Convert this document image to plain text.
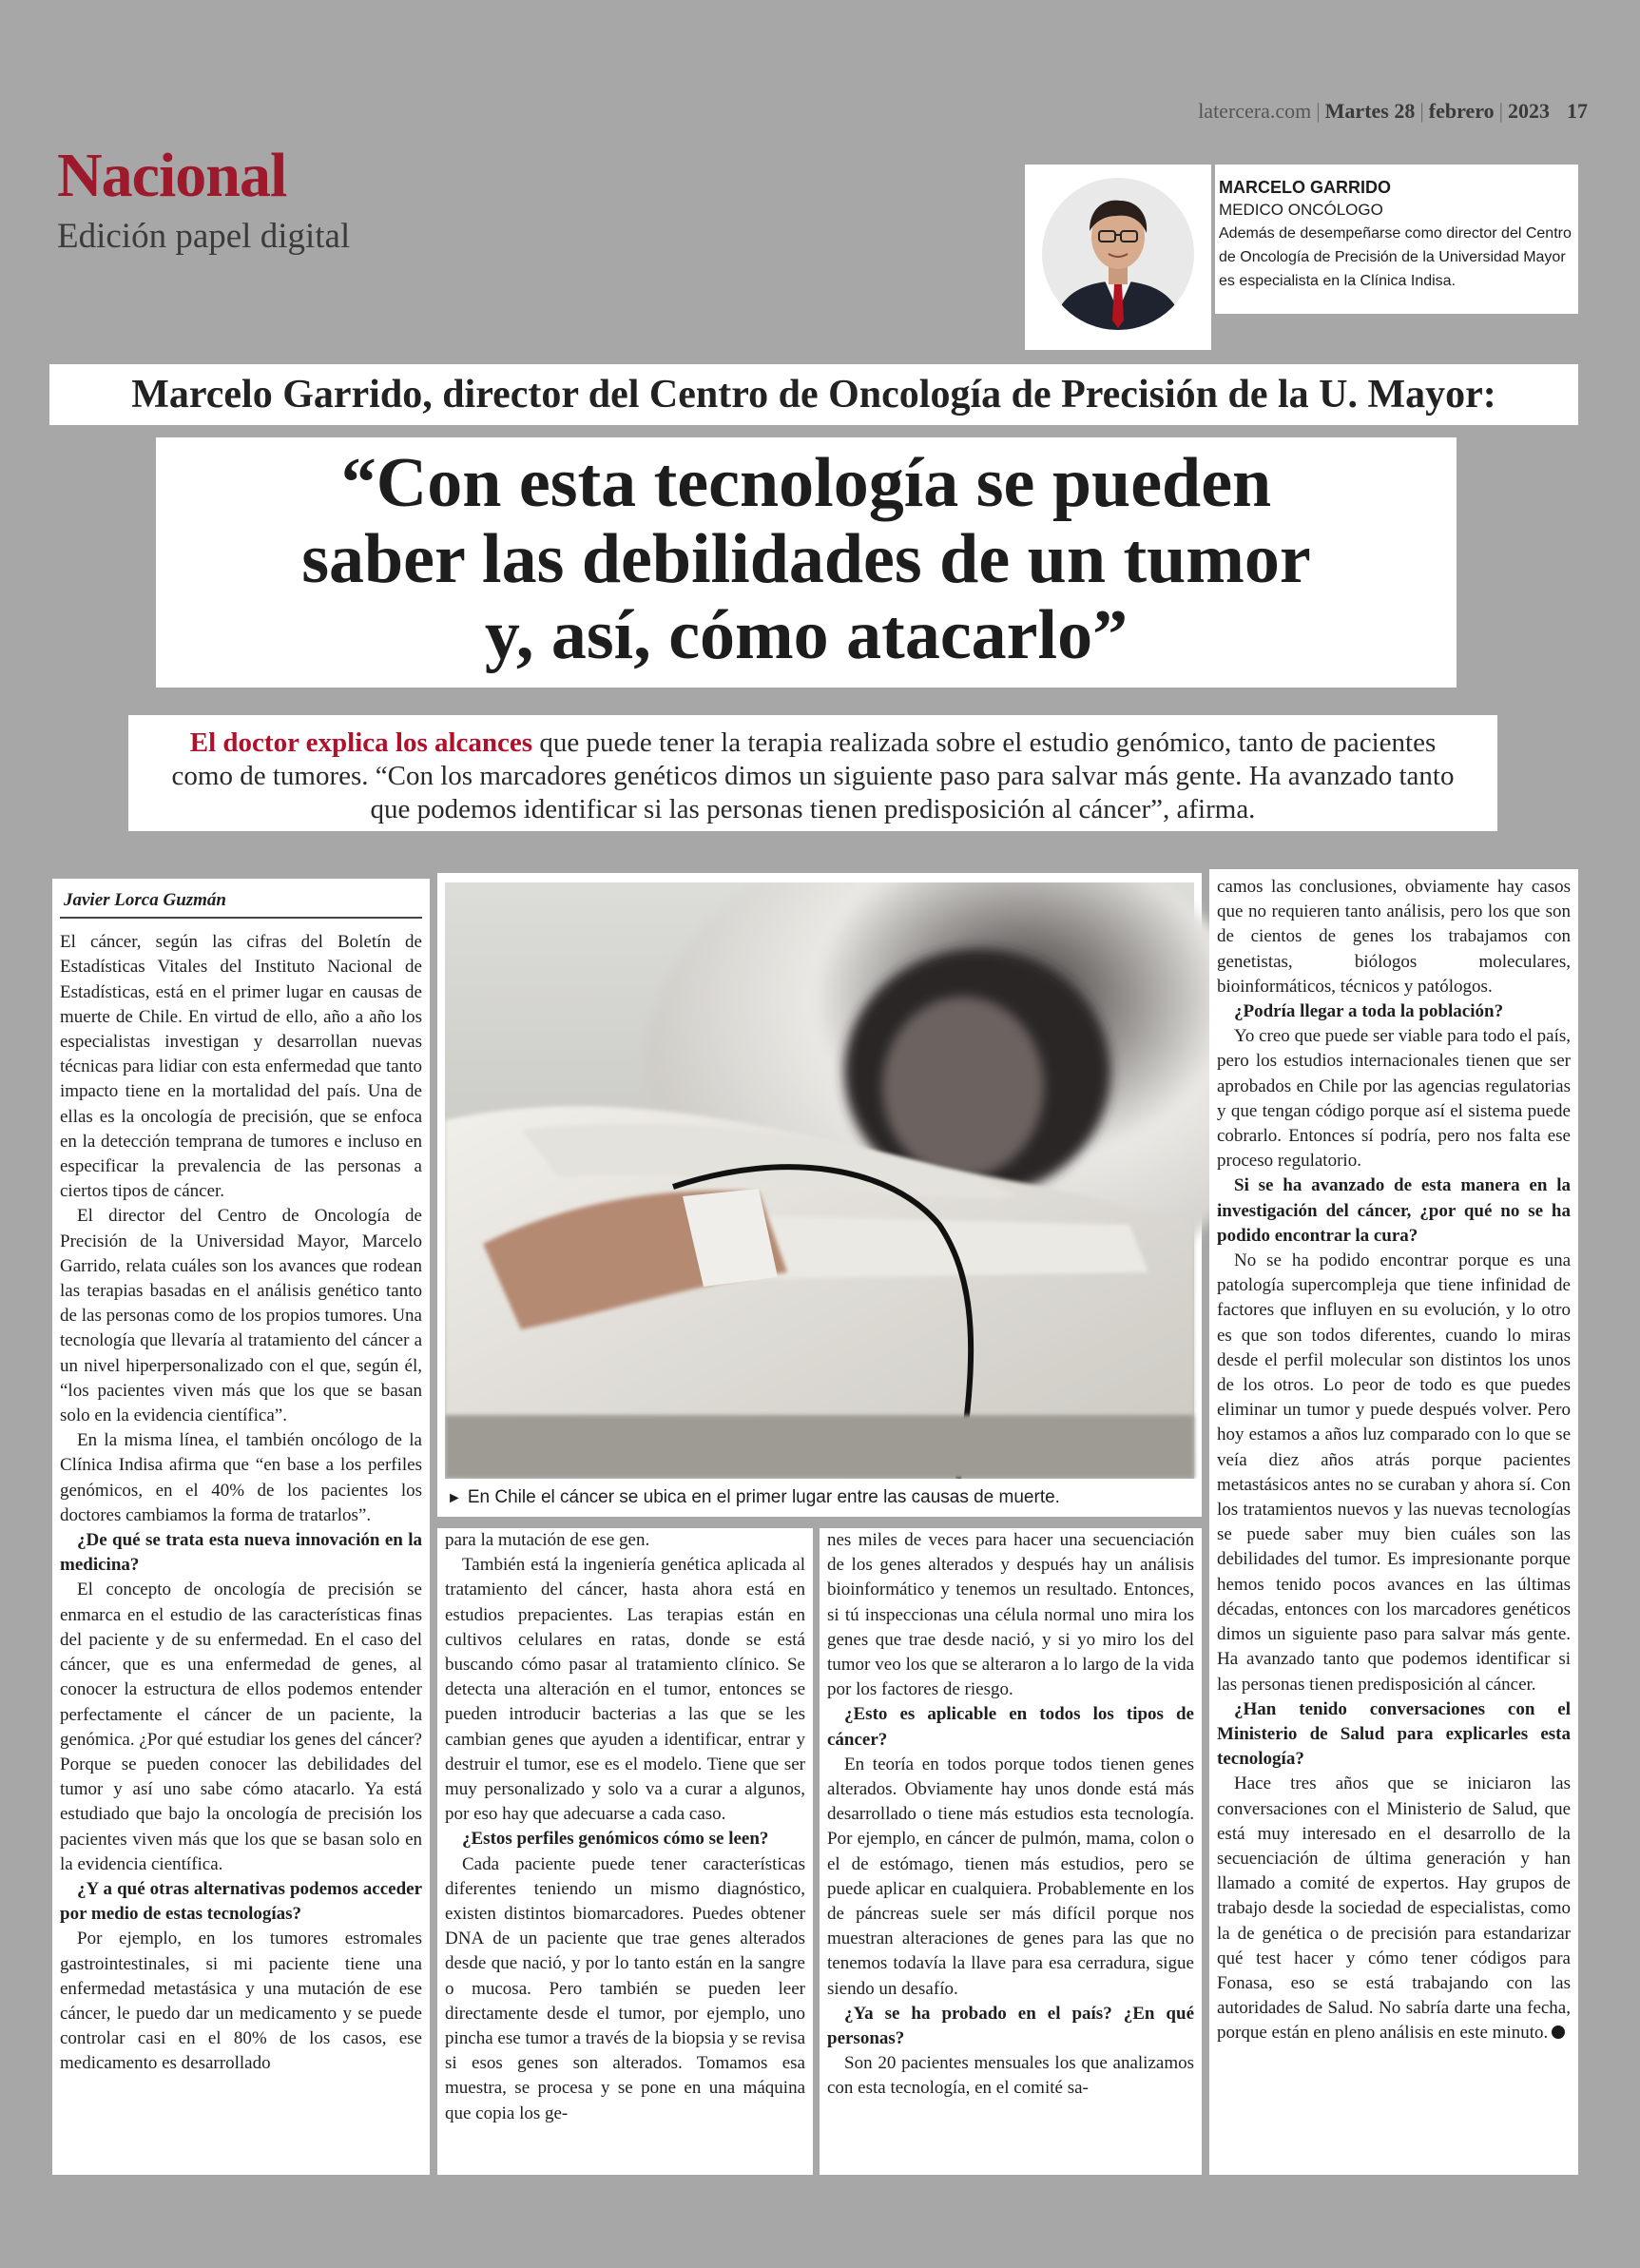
latercera.com | Martes 28 | febrero | 2023 17
Nacional
Edición papel digital
MARCELO GARRIDO
MEDICO ONCÓLOGO
Además de desempeñarse como director del Centro de Oncología de Precisión de la Universidad Mayor es especialista en la Clínica Indisa.
Marcelo Garrido, director del Centro de Oncología de Precisión de la U. Mayor:
“Con esta tecnología se pueden
saber las debilidades de un tumor
y, así, cómo atacarlo”
El doctor explica los alcances que puede tener la terapia realizada sobre el estudio genómico, tanto de pacientes como de tumores. “Con los marcadores genéticos dimos un siguiente paso para salvar más gente. Ha avanzado tanto que podemos identificar si las personas tienen predisposición al cáncer”, afirma.
Javier Lorca Guzmán

El cáncer, según las cifras del Boletín de Estadísticas Vitales del Instituto Nacional de Estadísticas, está en el primer lugar en causas de muerte de Chile. En virtud de ello, año a año los especialistas investigan y desarrollan nuevas técnicas para lidiar con esta enfermedad que tanto impacto tiene en la mortalidad del país. Una de ellas es la oncología de precisión, que se enfoca en la detección temprana de tumores e incluso en especificar la prevalencia de las personas a ciertos tipos de cáncer.

El director del Centro de Oncología de Precisión de la Universidad Mayor, Marcelo Garrido, relata cuáles son los avances que rodean las terapias basadas en el análisis genético tanto de las personas como de los propios tumores. Una tecnología que llevaría al tratamiento del cáncer a un nivel hiperpersonalizado con el que, según él, “los pacientes viven más que los que se basan solo en la evidencia científica”.

En la misma línea, el también oncólogo de la Clínica Indisa afirma que “en base a los perfiles genómicos, en el 40% de los pacientes los doctores cambiamos la forma de tratarlos”.

¿De qué se trata esta nueva innovación en la medicina?

El concepto de oncología de precisión se enmarca en el estudio de las características finas del paciente y de su enfermedad. En el caso del cáncer, que es una enfermedad de genes, al conocer la estructura de ellos podemos entender perfectamente el cáncer de un paciente, la genómica. ¿Por qué estudiar los genes del cáncer? Porque se pueden conocer las debilidades del tumor y así uno sabe cómo atacarlo. Ya está estudiado que bajo la oncología de precisión los pacientes viven más que los que se basan solo en la evidencia científica.

¿Y a qué otras alternativas podemos acceder por medio de estas tecnologías?

Por ejemplo, en los tumores estromales gastrointestinales, si mi paciente tiene una enfermedad metastásica y una mutación de ese cáncer, le puedo dar un medicamento y se puede controlar casi en el 80% de los casos, ese medicamento es desarrollado

► En Chile el cáncer se ubica en el primer lugar entre las causas de muerte.

para la mutación de ese gen.

También está la ingeniería genética aplicada al tratamiento del cáncer, hasta ahora está en estudios prepacientes. Las terapias están en cultivos celulares en ratas, donde se está buscando cómo pasar al tratamiento clínico. Se detecta una alteración en el tumor, entonces se pueden introducir bacterias a las que se les cambian genes que ayuden a identificar, entrar y destruir el tumor, ese es el modelo. Tiene que ser muy personalizado y solo va a curar a algunos, por eso hay que adecuarse a cada caso.

¿Estos perfiles genómicos cómo se leen?

Cada paciente puede tener características diferentes teniendo un mismo diagnóstico, existen distintos biomarcadores. Puedes obtener DNA de un paciente que trae genes alterados desde que nació, y por lo tanto están en la sangre o mucosa. Pero también se pueden leer directamente desde el tumor, por ejemplo, uno pincha ese tumor a través de la biopsia y se revisa si esos genes son alterados. Tomamos esa muestra, se procesa y se pone en una máquina que copia los ge-

nes miles de veces para hacer una secuenciación de los genes alterados y después hay un análisis bioinformático y tenemos un resultado. Entonces, si tú inspeccionas una célula normal uno mira los genes que trae desde nació, y si yo miro los del tumor veo los que se alteraron a lo largo de la vida por los factores de riesgo.

¿Esto es aplicable en todos los tipos de cáncer?

En teoría en todos porque todos tienen genes alterados. Obviamente hay unos donde está más desarrollado o tiene más estudios esta tecnología. Por ejemplo, en cáncer de pulmón, mama, colon o el de estómago, tienen más estudios, pero se puede aplicar en cualquiera. Probablemente en los de páncreas suele ser más difícil porque nos muestran alteraciones de genes para las que no tenemos todavía la llave para esa cerradura, sigue siendo un desafío.

¿Ya se ha probado en el país? ¿En qué personas?

Son 20 pacientes mensuales los que analizamos con esta tecnología, en el comité sa-

camos las conclusiones, obviamente hay casos que no requieren tanto análisis, pero los que son de cientos de genes los trabajamos con genetistas, biólogos moleculares, bioinformáticos, técnicos y patólogos.

¿Podría llegar a toda la población?

Yo creo que puede ser viable para todo el país, pero los estudios internacionales tienen que ser aprobados en Chile por las agencias regulatorias y que tengan código porque así el sistema puede cobrarlo. Entonces sí podría, pero nos falta ese proceso regulatorio.

Si se ha avanzado de esta manera en la investigación del cáncer, ¿por qué no se ha podido encontrar la cura?

No se ha podido encontrar porque es una patología supercompleja que tiene infinidad de factores que influyen en su evolución, y lo otro es que son todos diferentes, cuando lo miras desde el perfil molecular son distintos los unos de los otros. Lo peor de todo es que puedes eliminar un tumor y puede después volver. Pero hoy estamos a años luz comparado con lo que se veía diez años atrás porque pacientes metastásicos antes no se curaban y ahora sí. Con los tratamientos nuevos y las nuevas tecnologías se puede saber muy bien cuáles son las debilidades del tumor. Es impresionante porque hemos tenido pocos avances en las últimas décadas, entonces con los marcadores genéticos dimos un siguiente paso para salvar más gente. Ha avanzado tanto que podemos identificar si las personas tienen predisposición al cáncer.

¿Han tenido conversaciones con el Ministerio de Salud para explicarles esta tecnología?

Hace tres años que se iniciaron las conversaciones con el Ministerio de Salud, que está muy interesado en el desarrollo de la secuenciación de última generación y han llamado a comité de expertos. Hay grupos de trabajo desde la sociedad de especialistas, como la de genética o de precisión para estandarizar qué test hacer y cómo tener códigos para Fonasa, eso se está trabajando con las autoridades de Salud. No sabría darte una fecha, porque están en pleno análisis en este minuto.
